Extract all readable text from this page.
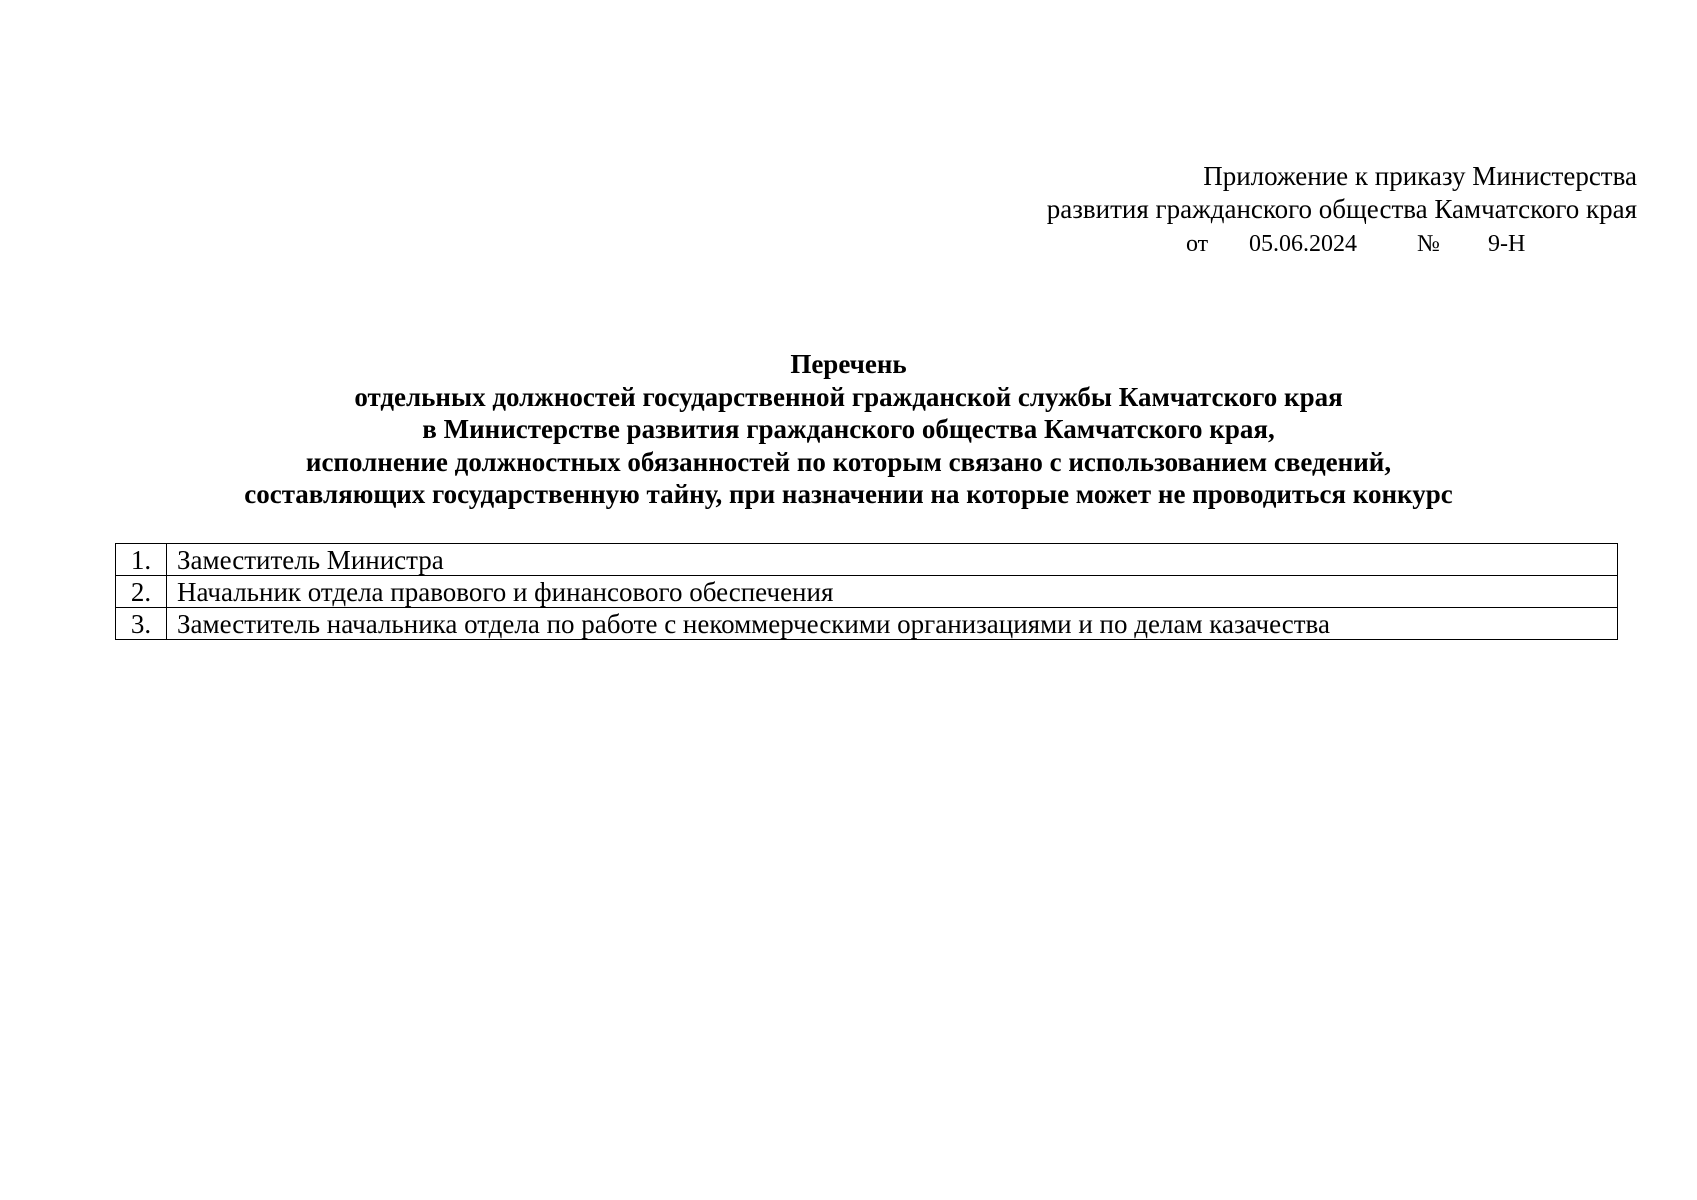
Приложение к приказу Министерства
развития гражданского общества Камчатского края
от 05.06.2024	№ 9-Н
Перечень
отдельных должностей государственной гражданской службы Камчатского края
в Министерстве развития гражданского общества Камчатского края,
исполнение должностных обязанностей по которым связано с использованием сведений,
составляющих государственную тайну, при назначении на которые может не проводиться конкурс
1.	Заместитель Министра
2.	Начальник отдела правового и финансового обеспечения
3.	Заместитель начальника отдела по работе с некоммерческими организациями и по делам казачества
